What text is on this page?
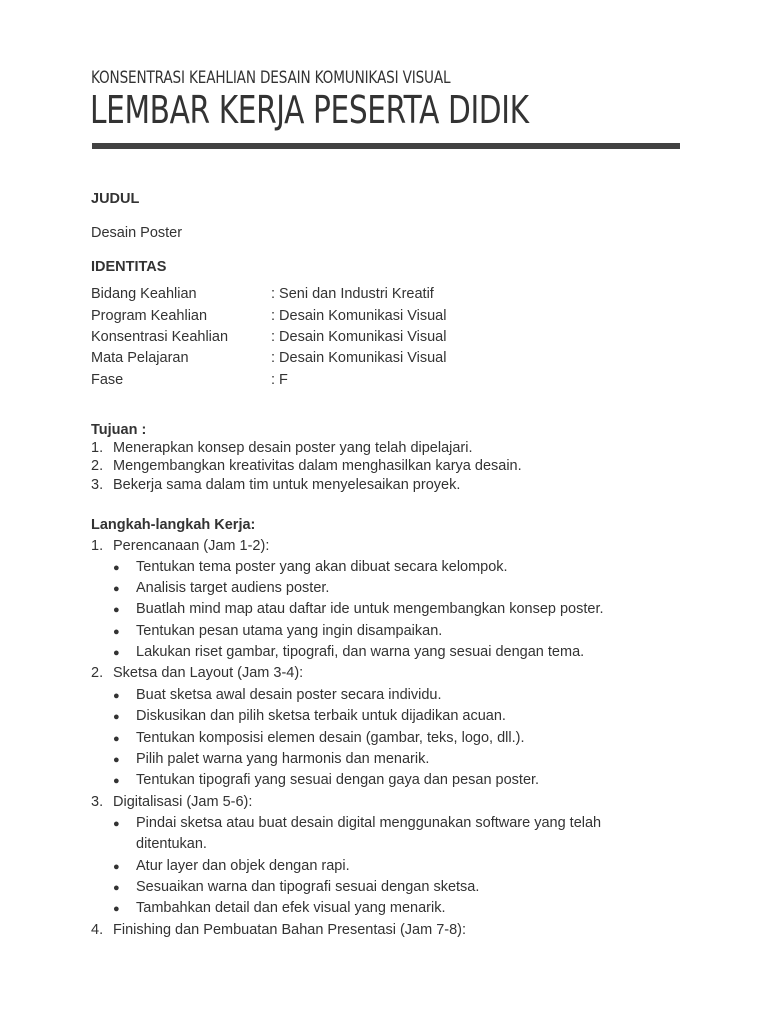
KONSENTRASI KEAHLIAN DESAIN KOMUNIKASI VISUAL
LEMBAR KERJA PESERTA DIDIK
JUDUL
Desain Poster
IDENTITAS
Bidang Keahlian	: Seni dan Industri Kreatif
Program Keahlian	: Desain Komunikasi Visual
Konsentrasi Keahlian	: Desain Komunikasi Visual
Mata Pelajaran	: Desain Komunikasi Visual
Fase	: F
Tujuan :
1. Menerapkan konsep desain poster yang telah dipelajari.
2. Mengembangkan kreativitas dalam menghasilkan karya desain.
3. Bekerja sama dalam tim untuk menyelesaikan proyek.
Langkah-langkah Kerja:
1. Perencanaan (Jam 1-2):
● Tentukan tema poster yang akan dibuat secara kelompok.
● Analisis target audiens poster.
● Buatlah mind map atau daftar ide untuk mengembangkan konsep poster.
● Tentukan pesan utama yang ingin disampaikan.
● Lakukan riset gambar, tipografi, dan warna yang sesuai dengan tema.
2. Sketsa dan Layout (Jam 3-4):
● Buat sketsa awal desain poster secara individu.
● Diskusikan dan pilih sketsa terbaik untuk dijadikan acuan.
● Tentukan komposisi elemen desain (gambar, teks, logo, dll.).
● Pilih palet warna yang harmonis dan menarik.
● Tentukan tipografi yang sesuai dengan gaya dan pesan poster.
3. Digitalisasi (Jam 5-6):
● Pindai sketsa atau buat desain digital menggunakan software yang telah
ditentukan.
● Atur layer dan objek dengan rapi.
● Sesuaikan warna dan tipografi sesuai dengan sketsa.
● Tambahkan detail dan efek visual yang menarik.
4. Finishing dan Pembuatan Bahan Presentasi (Jam 7-8):
